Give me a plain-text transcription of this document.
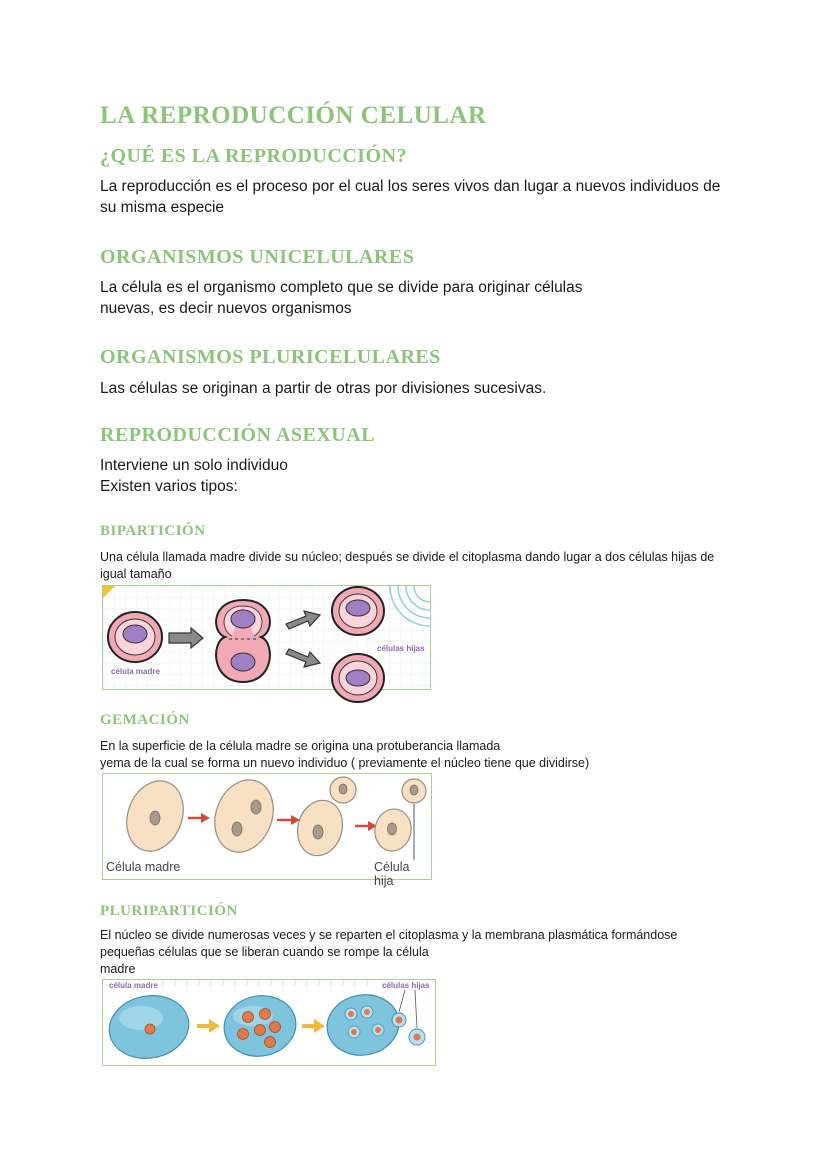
LA REPRODUCCIÓN CELULAR
¿QUÉ ES LA REPRODUCCIÓN?

La reproducción es el proceso por el cual los seres vivos dan lugar a nuevos individuos de

su misma especie

ORGANISMOS UNICELULARES

La célula es el organismo completo que se divide para originar células

nuevas, es decir nuevos organismos

ORGANISMOS PLURICELULARES

Las células se originan a partir de otras por divisiones sucesivas.

REPRODUCCIÓN ASEXUAL

Interviene un solo individuo

Existen varios tipos:

BIPARTICIÓN

Una célula llamada madre divide su núcleo; después se divide el citoplasma dando lugar a dos células hijas de

igual tamaño

célula madre
células hijas
GEMACIÓN

En la superficie de la célula madre se origina una protuberancia llamada

yema de la cual se forma un nuevo individuo ( previamente el núcleo tiene que dividirse)

Célula madre	Célula hija
PLURIPARTICIÓN

El núcleo se divide numerosas veces y se reparten el citoplasma y la membrana plasmática formándose

pequeñas células que se liberan cuando se rompe la célula

madre

célula madre	células hijas
